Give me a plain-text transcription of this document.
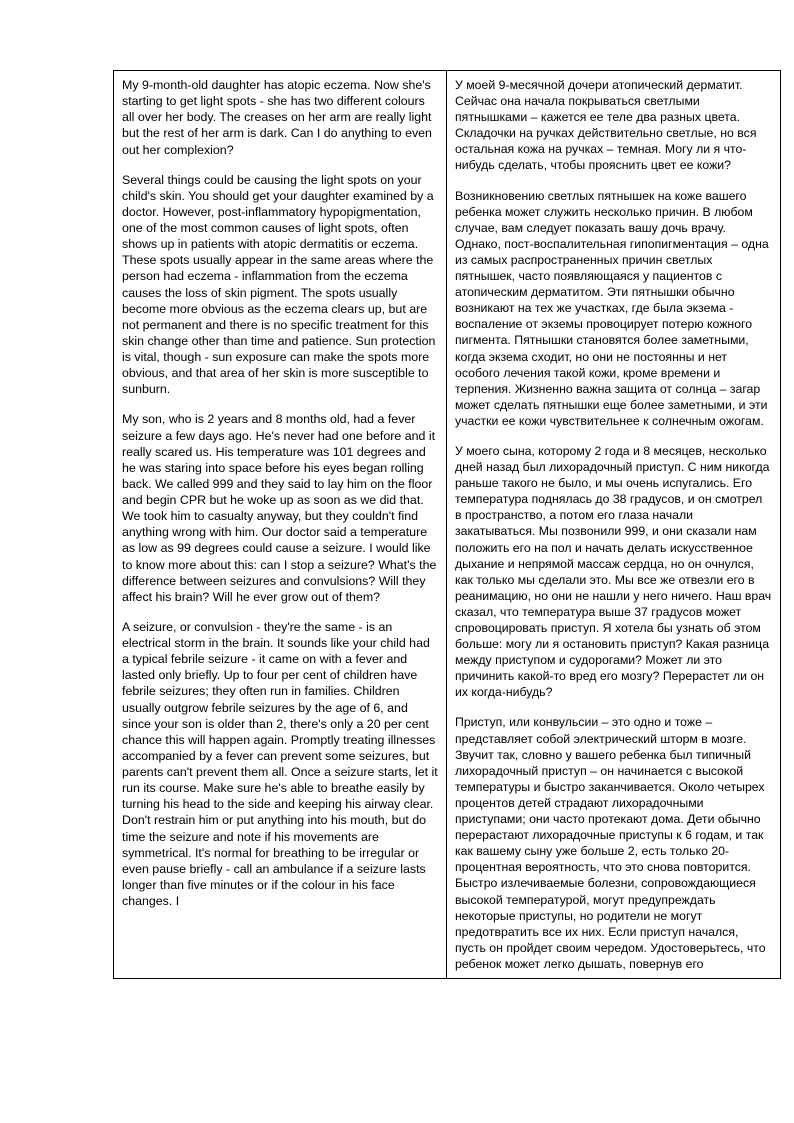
My 9-month-old daughter has atopic eczema. Now she's starting to get light spots - she has two different colours all over her body. The creases on her arm are really light but the rest of her arm is dark. Can I do anything to even out her complexion?

Several things could be causing the light spots on your child's skin. You should get your daughter examined by a doctor. However, post-inflammatory hypopigmentation, one of the most common causes of light spots, often shows up in patients with atopic dermatitis or eczema. These spots usually appear in the same areas where the person had eczema - inflammation from the eczema causes the loss of skin pigment. The spots usually become more obvious as the eczema clears up, but are not permanent and there is no specific treatment for this skin change other than time and patience. Sun protection is vital, though - sun exposure can make the spots more obvious, and that area of her skin is more susceptible to sunburn.

My son, who is 2 years and 8 months old, had a fever seizure a few days ago. He's never had one before and it really scared us. His temperature was 101 degrees and he was staring into space before his eyes began rolling back. We called 999 and they said to lay him on the floor and begin CPR but he woke up as soon as we did that. We took him to casualty anyway, but they couldn't find anything wrong with him. Our doctor said a temperature as low as 99 degrees could cause a seizure. I would like to know more about this: can I stop a seizure? What's the difference between seizures and convulsions? Will they affect his brain? Will he ever grow out of them?

A seizure, or convulsion - they're the same - is an electrical storm in the brain. It sounds like your child had a typical febrile seizure - it came on with a fever and lasted only briefly. Up to four per cent of children have febrile seizures; they often run in families. Children usually outgrow febrile seizures by the age of 6, and since your son is older than 2, there's only a 20 per cent chance this will happen again. Promptly treating illnesses accompanied by a fever can prevent some seizures, but parents can't prevent them all. Once a seizure starts, let it run its course. Make sure he's able to breathe easily by turning his head to the side and keeping his airway clear. Don't restrain him or put anything into his mouth, but do time the seizure and note if his movements are symmetrical. It's normal for breathing to be irregular or even pause briefly - call an ambulance if a seizure lasts longer than five minutes or if the colour in his face changes. I

У моей 9-месячной дочери атопический дерматит. Сейчас она начала покрываться светлыми пятнышками – кажется ее теле два разных цвета. Складочки на ручках действительно светлые, но вся остальная кожа на ручках – темная. Могу ли я что-нибудь сделать, чтобы прояснить цвет ее кожи?

Возникновению светлых пятнышек на коже вашего ребенка может служить несколько причин. В любом случае, вам следует показать вашу дочь врачу. Однако, пост-воспалительная гипопигментация – одна из самых распространенных причин светлых пятнышек, часто появляющаяся у пациентов с атопическим дерматитом. Эти пятнышки обычно возникают на тех же участках, где была экзема - воспаление от экземы провоцирует потерю кожного пигмента. Пятнышки становятся более заметными, когда экзема сходит, но они не постоянны и нет особого лечения такой кожи, кроме времени и терпения. Жизненно важна защита от солнца – загар может сделать пятнышки еще более заметными, и эти участки ее кожи чувствительнее к солнечным ожогам.

У моего сына, которому 2 года и 8 месяцев, несколько дней назад был лихорадочный приступ. С ним никогда раньше такого не было, и мы очень испугались. Его температура поднялась до 38 градусов, и он смотрел в пространство, а потом его глаза начали закатываться. Мы позвонили 999, и они сказали нам положить его на пол и начать делать искусственное дыхание и непрямой массаж сердца, но он очнулся, как только мы сделали это. Мы все же отвезли его в реанимацию, но они не нашли у него ничего. Наш врач сказал, что температура выше 37 градусов может спровоцировать приступ. Я хотела бы узнать об этом больше: могу ли я остановить приступ? Какая разница между приступом и судорогами? Может ли это причинить какой-то вред его мозгу? Перерастет ли он их когда-нибудь?

Приступ, или конвульсии – это одно и тоже – представляет собой электрический шторм в мозге. Звучит так, словно у вашего ребенка был типичный лихорадочный приступ – он начинается с высокой температуры и быстро заканчивается. Около четырех процентов детей страдают лихорадочными приступами; они часто протекают дома. Дети обычно перерастают лихорадочные приступы к 6 годам, и так как вашему сыну уже больше 2, есть только 20-процентная вероятность, что это снова повторится. Быстро излечиваемые болезни, сопровождающиеся высокой температурой, могут предупреждать некоторые приступы, но родители не могут предотвратить все их них. Если приступ начался, пусть он пройдет своим чередом. Удостоверьтесь, что ребенок может легко дышать, повернув его
